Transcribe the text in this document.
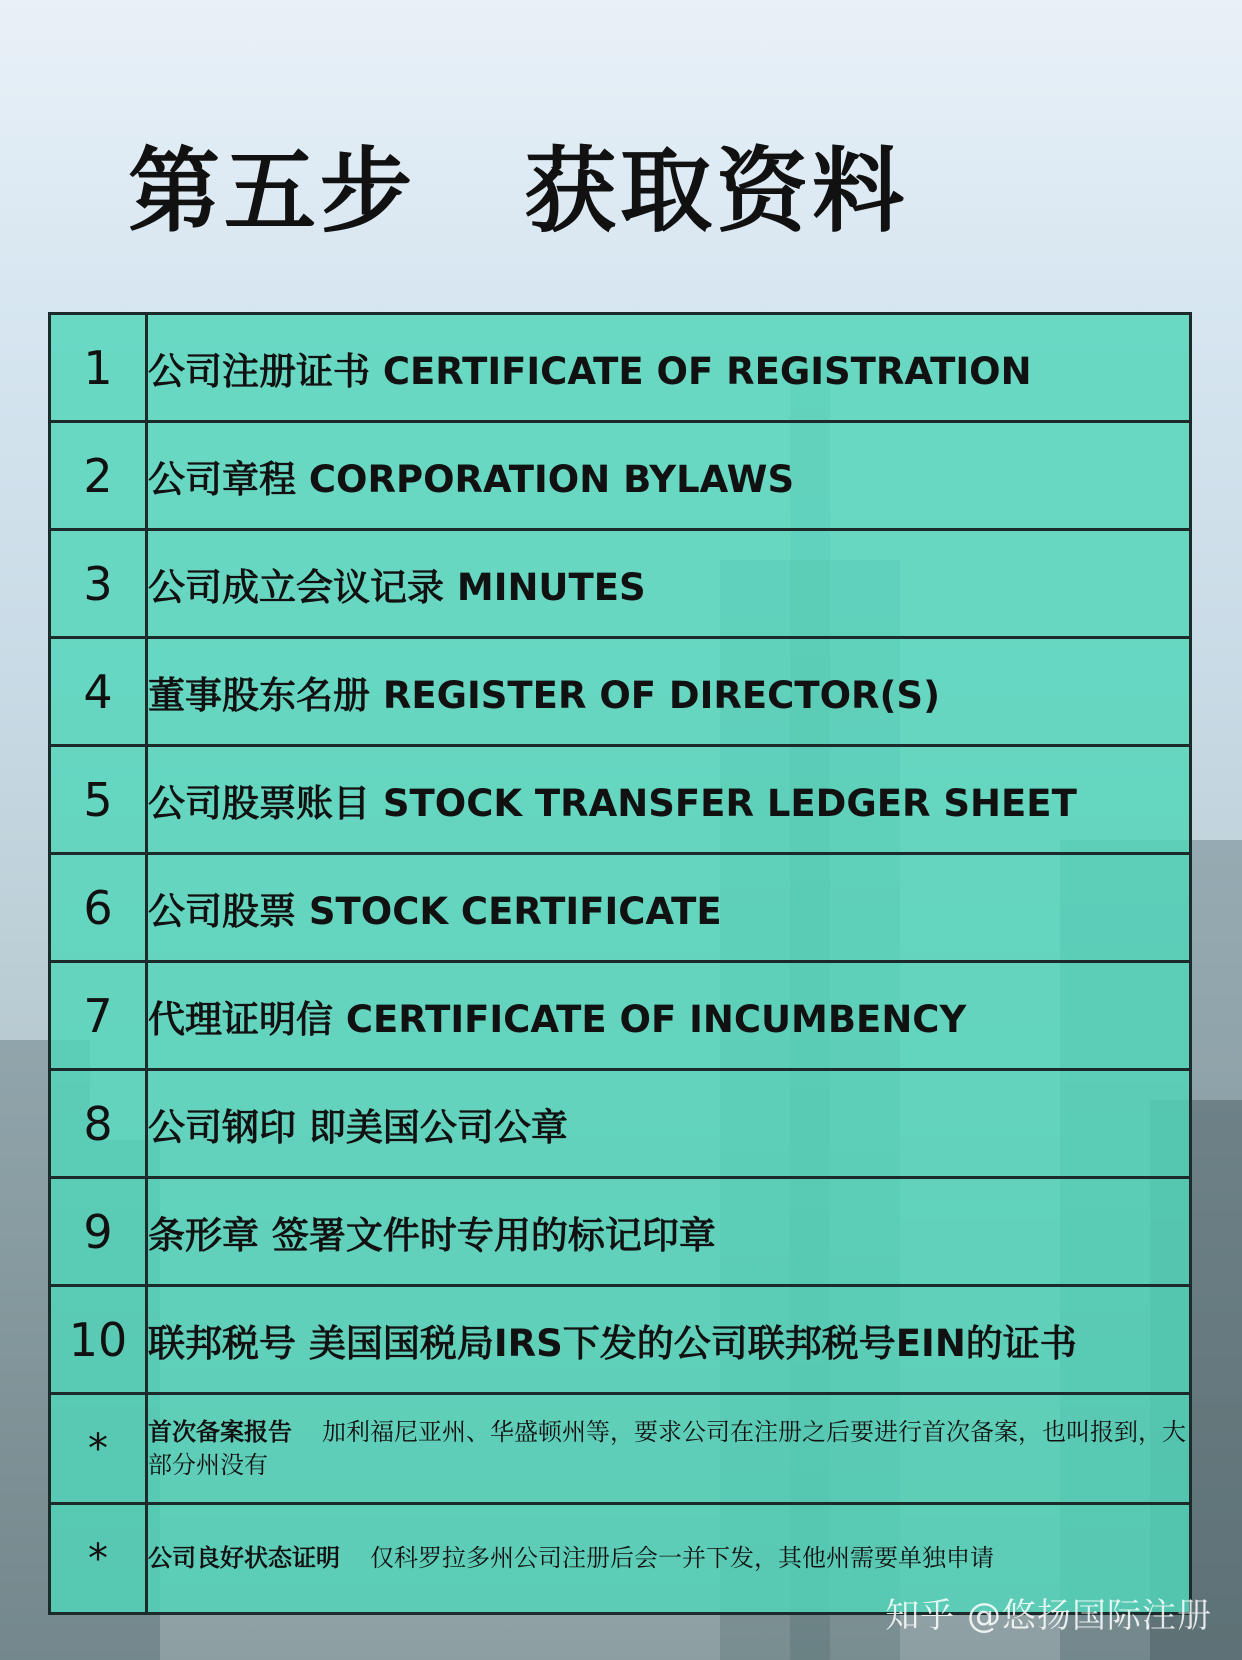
第五步   获取资料
1	公司注册证书 CERTIFICATE OF REGISTRATION
2	公司章程 CORPORATION BYLAWS
3	公司成立会议记录 MINUTES
4	董事股东名册 REGISTER OF DIRECTOR(S)
5	公司股票账目 STOCK TRANSFER LEDGER SHEET
6	公司股票 STOCK CERTIFICATE
7	代理证明信 CERTIFICATE OF INCUMBENCY
8	公司钢印 即美国公司公章
9	条形章 签署文件时专用的标记印章
10	联邦税号 美国国税局IRS下发的公司联邦税号EIN的证书
*	首次备案报告 加利福尼亚州、华盛顿州等，要求公司在注册之后要进行首次备案，也叫报到，大部分州没有
*	公司良好状态证明 仅科罗拉多州公司注册后会一并下发，其他州需要单独申请
知乎 @悠扬国际注册
